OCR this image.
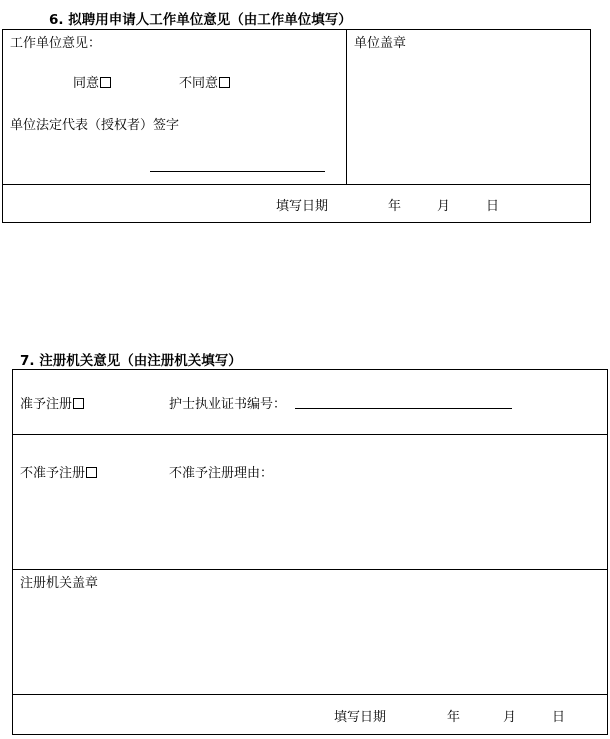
6. 拟聘用申请人工作单位意见（由工作单位填写）
工作单位意见：
同意	不同意
单位法定代表（授权者）签字
单位盖章
填写日期	年	月	日
7. 注册机关意见（由注册机关填写）
准予注册	护士执业证书编号：
不准予注册	不准予注册理由：
注册机关盖章
填写日期	年	月	日
